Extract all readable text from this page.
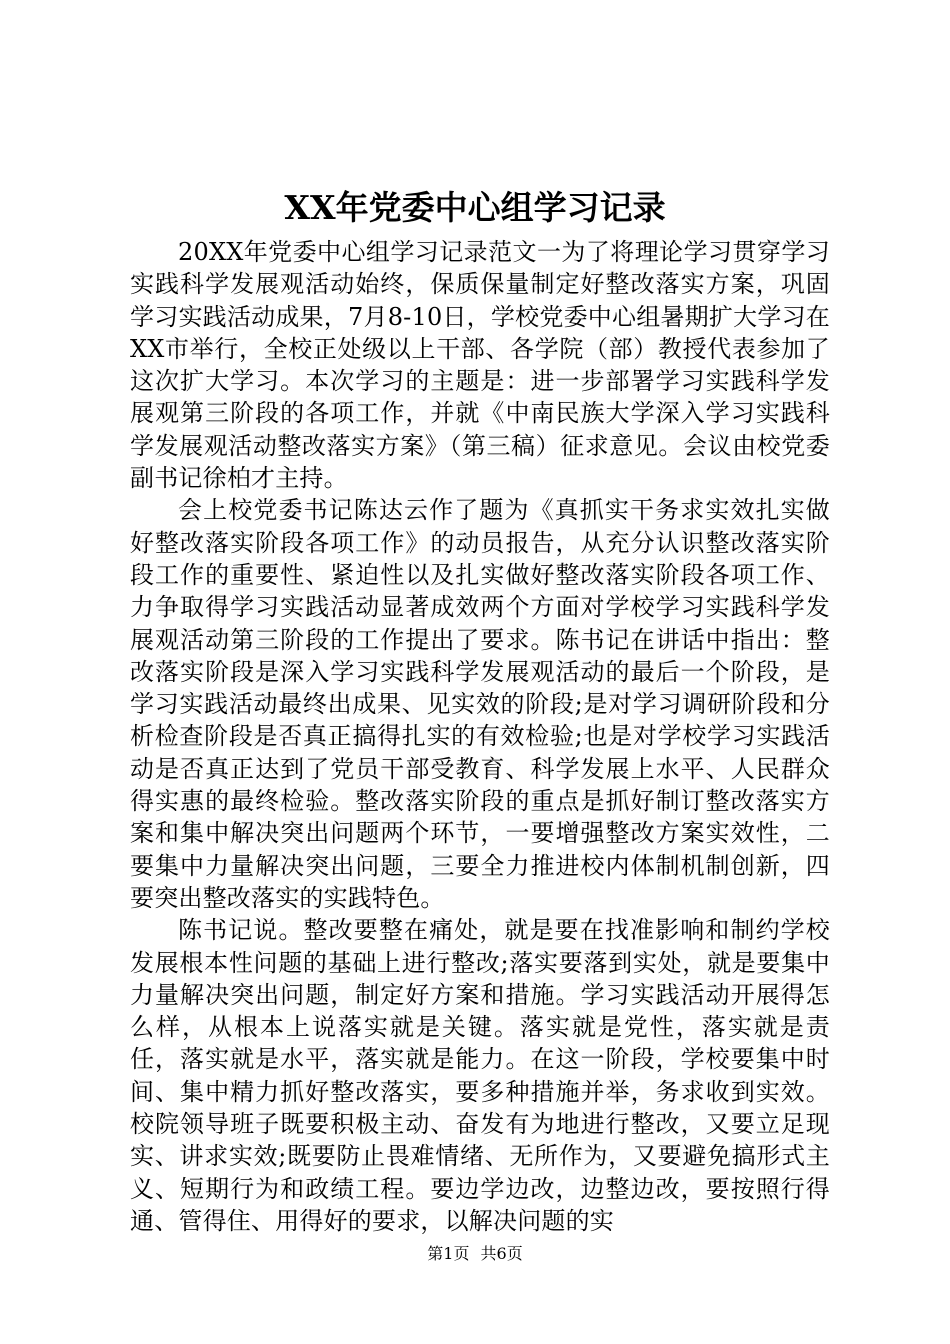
XX年党委中心组学习记录

20XX年党委中心组学习记录范文一为了将理论学习贯穿学习实践科学发展观活动始终，保质保量制定好整改落实方案，巩固学习实践活动成果，7月8-10日，学校党委中心组暑期扩大学习在XX市举行，全校正处级以上干部、各学院（部）教授代表参加了这次扩大学习。本次学习的主题是：进一步部署学习实践科学发展观第三阶段的各项工作，并就《中南民族大学深入学习实践科学发展观活动整改落实方案》（第三稿）征求意见。会议由校党委副书记徐柏才主持。

会上校党委书记陈达云作了题为《真抓实干务求实效扎实做好整改落实阶段各项工作》的动员报告，从充分认识整改落实阶段工作的重要性、紧迫性以及扎实做好整改落实阶段各项工作、力争取得学习实践活动显著成效两个方面对学校学习实践科学发展观活动第三阶段的工作提出了要求。陈书记在讲话中指出：整改落实阶段是深入学习实践科学发展观活动的最后一个阶段，是学习实践活动最终出成果、见实效的阶段;是对学习调研阶段和分析检查阶段是否真正搞得扎实的有效检验;也是对学校学习实践活动是否真正达到了党员干部受教育、科学发展上水平、人民群众得实惠的最终检验。整改落实阶段的重点是抓好制订整改落实方案和集中解决突出问题两个环节，一要增强整改方案实效性，二要集中力量解决突出问题，三要全力推进校内体制机制创新，四要突出整改落实的实践特色。

陈书记说。整改要整在痛处，就是要在找准影响和制约学校发展根本性问题的基础上进行整改;落实要落到实处，就是要集中力量解决突出问题，制定好方案和措施。学习实践活动开展得怎么样，从根本上说落实就是关键。落实就是党性，落实就是责任，落实就是水平，落实就是能力。在这一阶段，学校要集中时间、集中精力抓好整改落实，要多种措施并举，务求收到实效。校院领导班子既要积极主动、奋发有为地进行整改，又要立足现实、讲求实效;既要防止畏难情绪、无所作为，又要避免搞形式主义、短期行为和政绩工程。要边学边改，边整边改，要按照行得通、管得住、用得好的要求，以解决问题的实

第1页 共6页
